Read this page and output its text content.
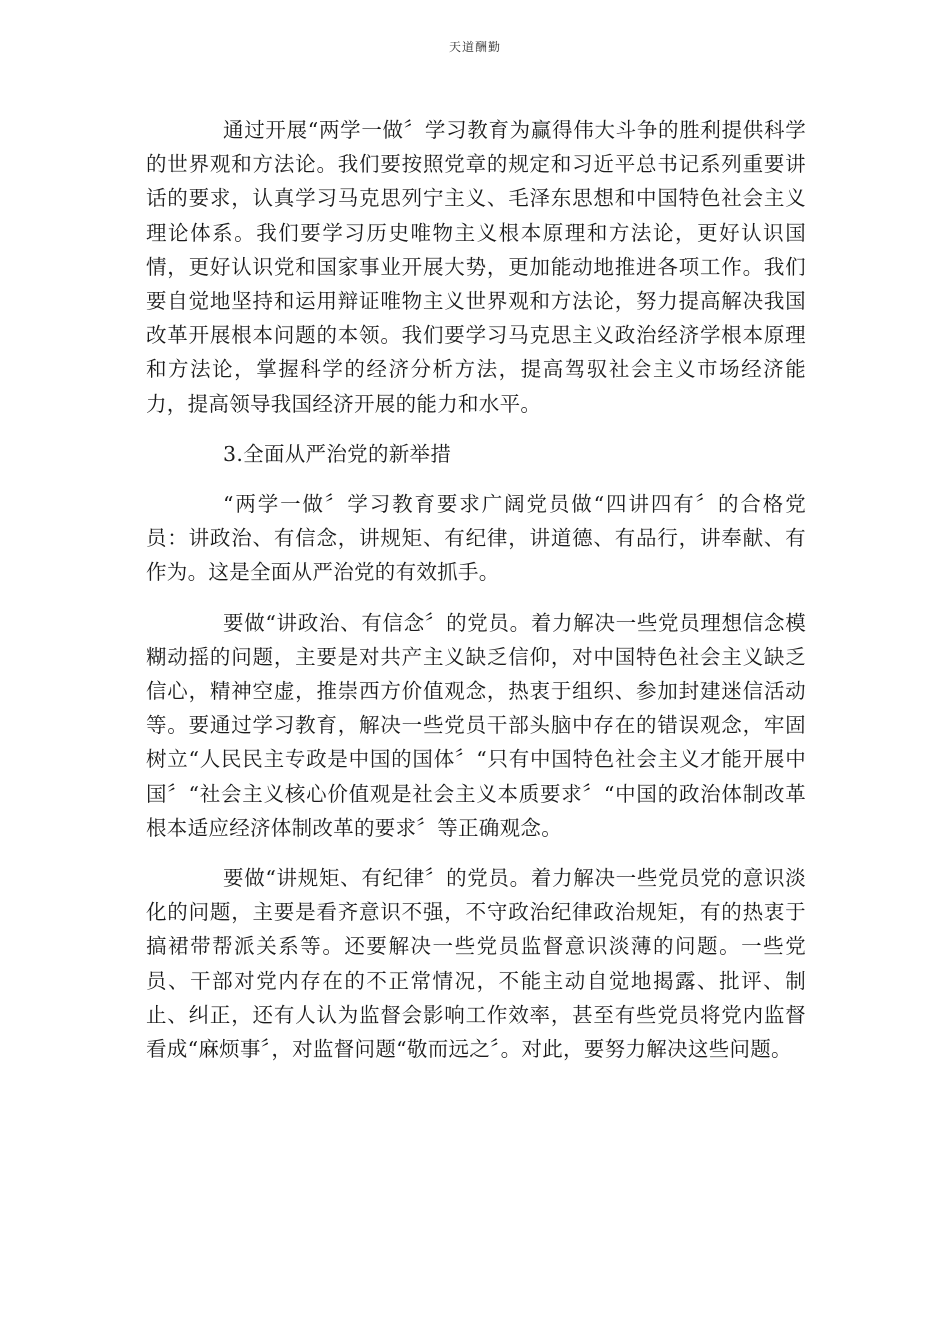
天道酬勤

通过开展“两学一做〞学习教育为赢得伟大斗争的胜利提供科学的世界观和方法论。我们要按照党章的规定和习近平总书记系列重要讲话的要求，认真学习马克思列宁主义、毛泽东思想和中国特色社会主义理论体系。我们要学习历史唯物主义根本原理和方法论，更好认识国情，更好认识党和国家事业开展大势，更加能动地推进各项工作。我们要自觉地坚持和运用辩证唯物主义世界观和方法论，努力提高解决我国改革开展根本问题的本领。我们要学习马克思主义政治经济学根本原理和方法论，掌握科学的经济分析方法，提高驾驭社会主义市场经济能力，提高领导我国经济开展的能力和水平。

3.全面从严治党的新举措

“两学一做〞学习教育要求广阔党员做“四讲四有〞的合格党员：讲政治、有信念，讲规矩、有纪律，讲道德、有品行，讲奉献、有作为。这是全面从严治党的有效抓手。

要做“讲政治、有信念〞的党员。着力解决一些党员理想信念模糊动摇的问题，主要是对共产主义缺乏信仰，对中国特色社会主义缺乏信心，精神空虚，推崇西方价值观念，热衷于组织、参加封建迷信活动等。要通过学习教育，解决一些党员干部头脑中存在的错误观念，牢固树立“人民民主专政是中国的国体〞“只有中国特色社会主义才能开展中国〞“社会主义核心价值观是社会主义本质要求〞“中国的政治体制改革根本适应经济体制改革的要求〞等正确观念。

要做“讲规矩、有纪律〞的党员。着力解决一些党员党的意识淡化的问题，主要是看齐意识不强，不守政治纪律政治规矩，有的热衷于搞裙带帮派关系等。还要解决一些党员监督意识淡薄的问题。一些党员、干部对党内存在的不正常情况，不能主动自觉地揭露、批评、制止、纠正，还有人认为监督会影响工作效率，甚至有些党员将党内监督看成“麻烦事〞，对监督问题“敬而远之〞。对此，要努力解决这些问题。
